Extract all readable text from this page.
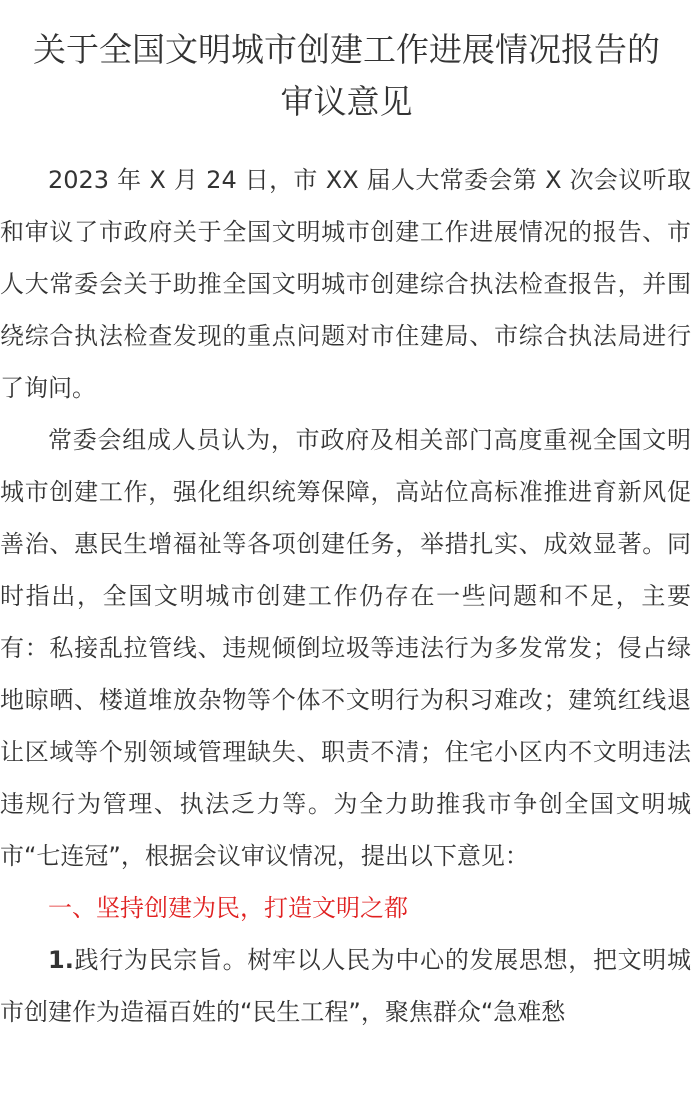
关于全国文明城市创建工作进展情况报告的
审议意见

2023 年 X 月 24 日，市 XX 届人大常委会第 X 次会议听取和审议了市政府关于全国文明城市创建工作进展情况的报告、市人大常委会关于助推全国文明城市创建综合执法检查报告，并围绕综合执法检查发现的重点问题对市住建局、市综合执法局进行了询问。

常委会组成人员认为，市政府及相关部门高度重视全国文明城市创建工作，强化组织统筹保障，高站位高标准推进育新风促善治、惠民生增福祉等各项创建任务，举措扎实、成效显著。同时指出，全国文明城市创建工作仍存在一些问题和不足，主要有：私接乱拉管线、违规倾倒垃圾等违法行为多发常发；侵占绿地晾晒、楼道堆放杂物等个体不文明行为积习难改；建筑红线退让区域等个别领域管理缺失、职责不清；住宅小区内不文明违法违规行为管理、执法乏力等。为全力助推我市争创全国文明城市“七连冠”，根据会议审议情况，提出以下意见：

一、坚持创建为民，打造文明之都

1.践行为民宗旨。树牢以人民为中心的发展思想，把文明城市创建作为造福百姓的“民生工程”，聚焦群众“急难愁
